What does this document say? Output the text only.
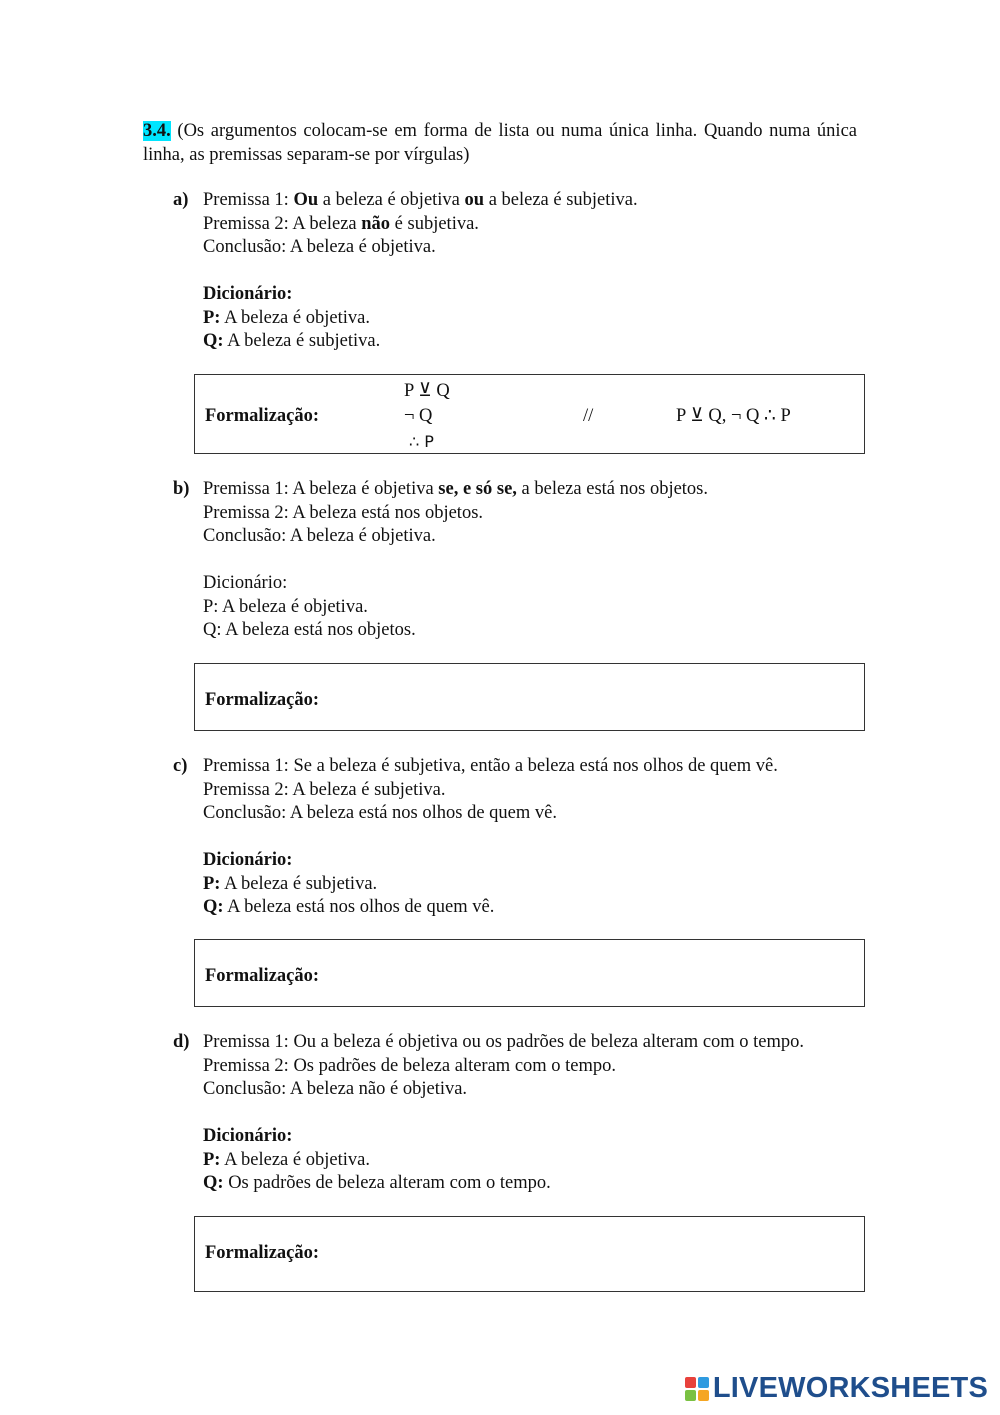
3.4. (Os argumentos colocam-se em forma de lista ou numa única linha. Quando numa única linha, as premissas separam-se por vírgulas)
a) Premissa 1: Ou a beleza é objetiva ou a beleza é subjetiva.
Premissa 2: A beleza não é subjetiva.
Conclusão: A beleza é objetiva.
Dicionário:
P: A beleza é objetiva.
Q: A beleza é subjetiva.
Formalização:
P ⊻ Q
¬ Q
∴ P
//	P ⊻ Q, ¬ Q ∴ P
b) Premissa 1: A beleza é objetiva se, e só se, a beleza está nos objetos.
Premissa 2: A beleza está nos objetos.
Conclusão: A beleza é objetiva.
Dicionário:
P: A beleza é objetiva.
Q: A beleza está nos objetos.
Formalização:
c) Premissa 1: Se a beleza é subjetiva, então a beleza está nos olhos de quem vê.
Premissa 2: A beleza é subjetiva.
Conclusão: A beleza está nos olhos de quem vê.
Dicionário:
P: A beleza é subjetiva.
Q: A beleza está nos olhos de quem vê.
Formalização:
d) Premissa 1: Ou a beleza é objetiva ou os padrões de beleza alteram com o tempo.
Premissa 2: Os padrões de beleza alteram com o tempo.
Conclusão: A beleza não é objetiva.
Dicionário:
P: A beleza é objetiva.
Q: Os padrões de beleza alteram com o tempo.
Formalização:
LIVEWORKSHEETS
